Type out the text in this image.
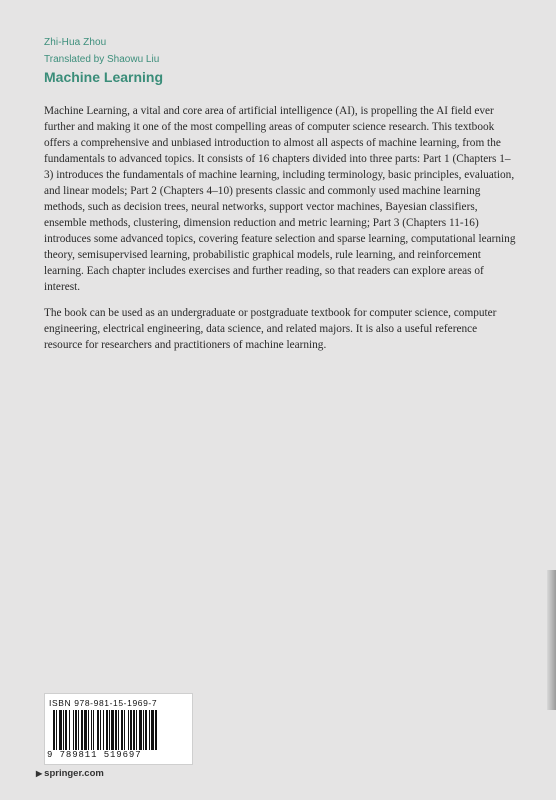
Zhi-Hua Zhou
Translated by Shaowu Liu
Machine Learning

Machine Learning, a vital and core area of artificial intelligence (AI), is propelling the AI field ever further and making it one of the most compelling areas of computer science research. This textbook offers a comprehensive and unbiased introduction to almost all aspects of machine learning, from the fundamentals to advanced topics. It consists of 16 chapters divided into three parts: Part 1 (Chapters 1–3) introduces the fundamentals of machine learning, including terminology, basic principles, evaluation, and linear models; Part 2 (Chapters 4–10) presents classic and commonly used machine learning methods, such as decision trees, neural networks, support vector machines, Bayesian classifiers, ensemble methods, clustering, dimension reduction and metric learning; Part 3 (Chapters 11-16) introduces some advanced topics, covering feature selection and sparse learning, computational learning theory, semisupervised learning, probabilistic graphical models, rule learning, and reinforcement learning. Each chapter includes exercises and further reading, so that readers can explore areas of interest.

The book can be used as an undergraduate or postgraduate textbook for computer science, computer engineering, electrical engineering, data science, and related majors. It is also a useful reference resource for researchers and practitioners of machine learning.

ISBN 978-981-15-1969-7
9 789811 519697
▶ springer.com
